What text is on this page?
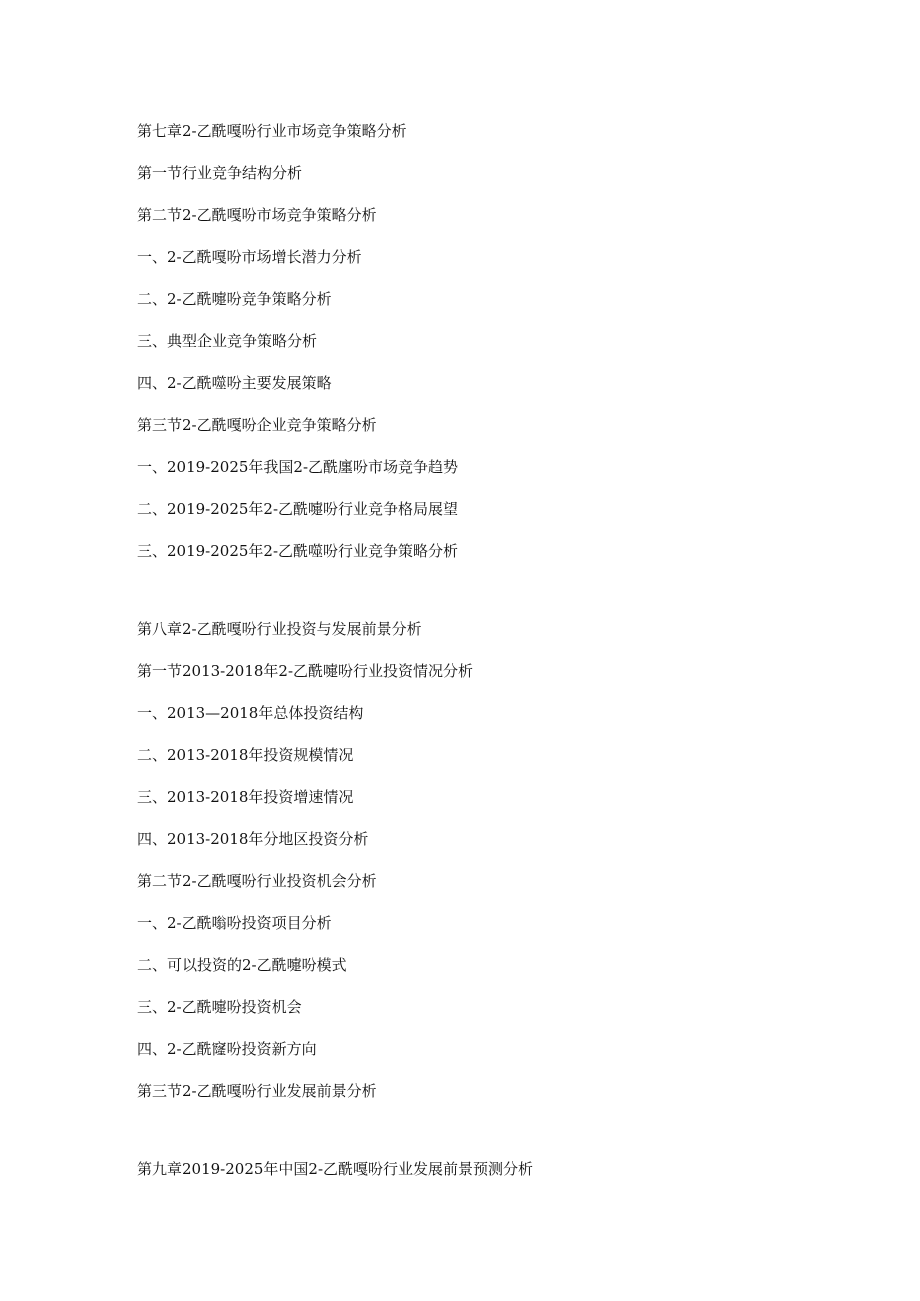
第七章2-乙酰嘎吩行业市场竞争策略分析
第一节行业竞争结构分析
第二节2-乙酰嘎吩市场竞争策略分析
一、2-乙酰嘎吩市场增长潜力分析
二、2-乙酰嚏吩竞争策略分析
三、典型企业竞争策略分析
四、2-乙酰噬吩主要发展策略
第三节2-乙酰嘎吩企业竞争策略分析
一、2019-2025年我国2-乙酰廛吩市场竞争趋势
二、2019-2025年2-乙酰嚏吩行业竞争格局展望
三、2019-2025年2-乙酰噬吩行业竞争策略分析
第八章2-乙酰嘎吩行业投资与发展前景分析
第一节2013-2018年2-乙酰嚏吩行业投资情况分析
一、2013—2018年总体投资结构
二、2013-2018年投资规模情况
三、2013-2018年投资增速情况
四、2013-2018年分地区投资分析
第二节2-乙酰嘎吩行业投资机会分析
一、2-乙酰嗡吩投资项目分析
二、可以投资的2-乙酰嚏吩模式
三、2-乙酰嚏吩投资机会
四、2-乙酰窿吩投资新方向
第三节2-乙酰嘎吩行业发展前景分析
第九章2019-2025年中国2-乙酰嘎吩行业发展前景预测分析
